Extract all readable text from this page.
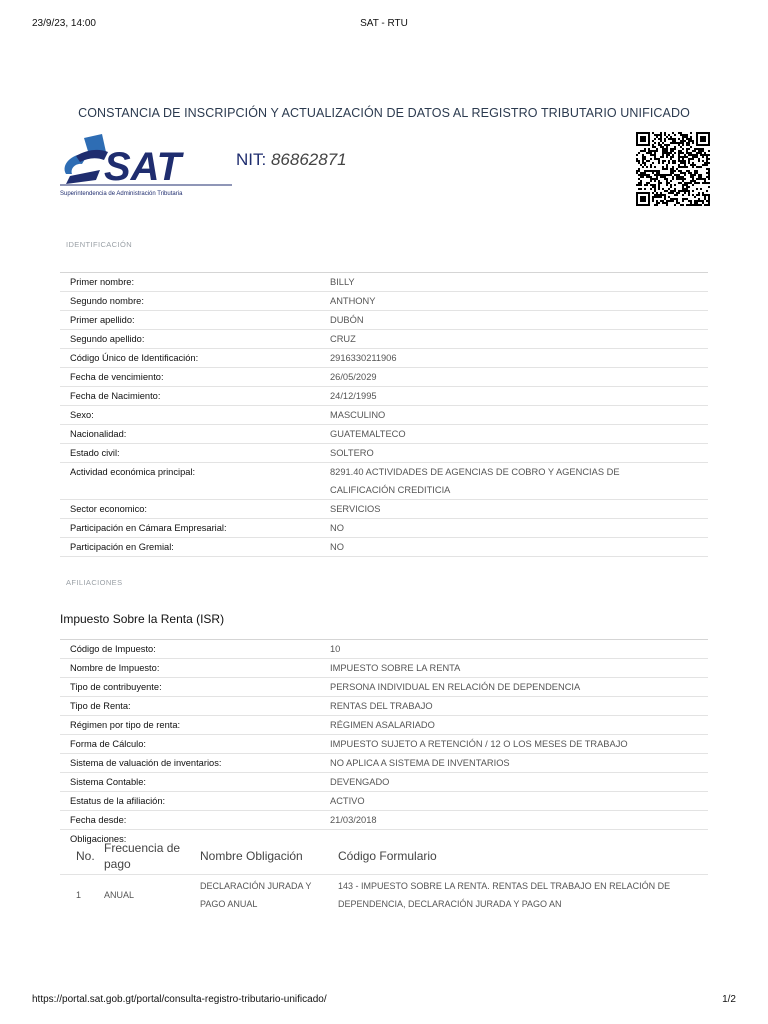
23/9/23, 14:00	SAT - RTU
CONSTANCIA DE INSCRIPCIÓN Y ACTUALIZACIÓN DE DATOS AL REGISTRO TRIBUTARIO UNIFICADO
SAT
Superintendencia de Administración Tributaria
NIT: 86862871
IDENTIFICACIÓN
Primer nombre:	BILLY
Segundo nombre:	ANTHONY
Primer apellido:	DUBÓN
Segundo apellido:	CRUZ
Código Único de Identificación:	2916330211906
Fecha de vencimiento:	26/05/2029
Fecha de Nacimiento:	24/12/1995
Sexo:	MASCULINO
Nacionalidad:	GUATEMALTECO
Estado civil:	SOLTERO
Actividad económica principal:	8291.40 ACTIVIDADES DE AGENCIAS DE COBRO Y AGENCIAS DE CALIFICACIÓN CREDITICIA
Sector economico:	SERVICIOS
Participación en Cámara Empresarial:	NO
Participación en Gremial:	NO
AFILIACIONES
Impuesto Sobre la Renta (ISR)
Código de Impuesto:	10
Nombre de Impuesto:	IMPUESTO SOBRE LA RENTA
Tipo de contribuyente:	PERSONA INDIVIDUAL EN RELACIÓN DE DEPENDENCIA
Tipo de Renta:	RENTAS DEL TRABAJO
Régimen por tipo de renta:	RÉGIMEN ASALARIADO
Forma de Cálculo:	IMPUESTO SUJETO A RETENCIÓN / 12 O LOS MESES DE TRABAJO
Sistema de valuación de inventarios:	NO APLICA A SISTEMA DE INVENTARIOS
Sistema Contable:	DEVENGADO
Estatus de la afiliación:	ACTIVO
Fecha desde:	21/03/2018
Obligaciones:
No.	Frecuencia de pago	Nombre Obligación	Código Formulario
1	ANUAL	DECLARACIÓN JURADA Y PAGO ANUAL	143 - IMPUESTO SOBRE LA RENTA. RENTAS DEL TRABAJO EN RELACIÓN DE DEPENDENCIA, DECLARACIÓN JURADA Y PAGO AN
https://portal.sat.gob.gt/portal/consulta-registro-tributario-unificado/	1/2
